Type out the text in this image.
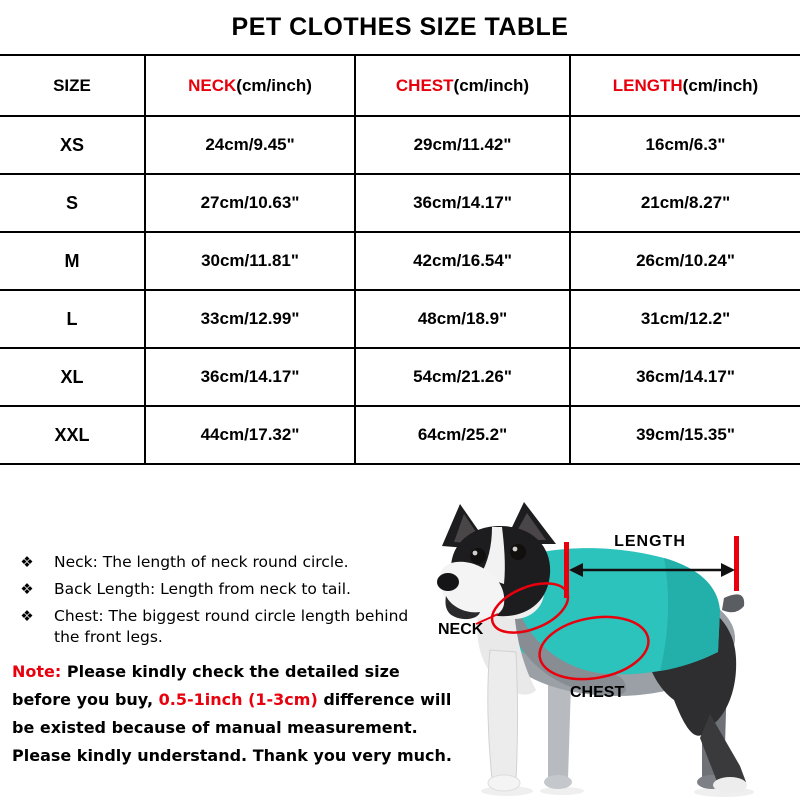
PET CLOTHES SIZE TABLE
SIZE	NECK(cm/inch)	CHEST(cm/inch)	LENGTH(cm/inch)
XS	24cm/9.45"	29cm/11.42"	16cm/6.3"
S	27cm/10.63"	36cm/14.17"	21cm/8.27"
M	30cm/11.81"	42cm/16.54"	26cm/10.24"
L	33cm/12.99"	48cm/18.9"	31cm/12.2"
XL	36cm/14.17"	54cm/21.26"	36cm/14.17"
XXL	44cm/17.32"	64cm/25.2"	39cm/15.35"
❖	Neck: The length of neck round circle.
❖	Back Length: Length from neck to tail.
❖	Chest: The biggest round circle length behind the front legs.
Note: Please kindly check the detailed size before you buy, 0.5-1inch (1-3cm) difference will be existed because of manual measurement. Please kindly understand. Thank you very much.
LENGTH
NECK
CHEST
